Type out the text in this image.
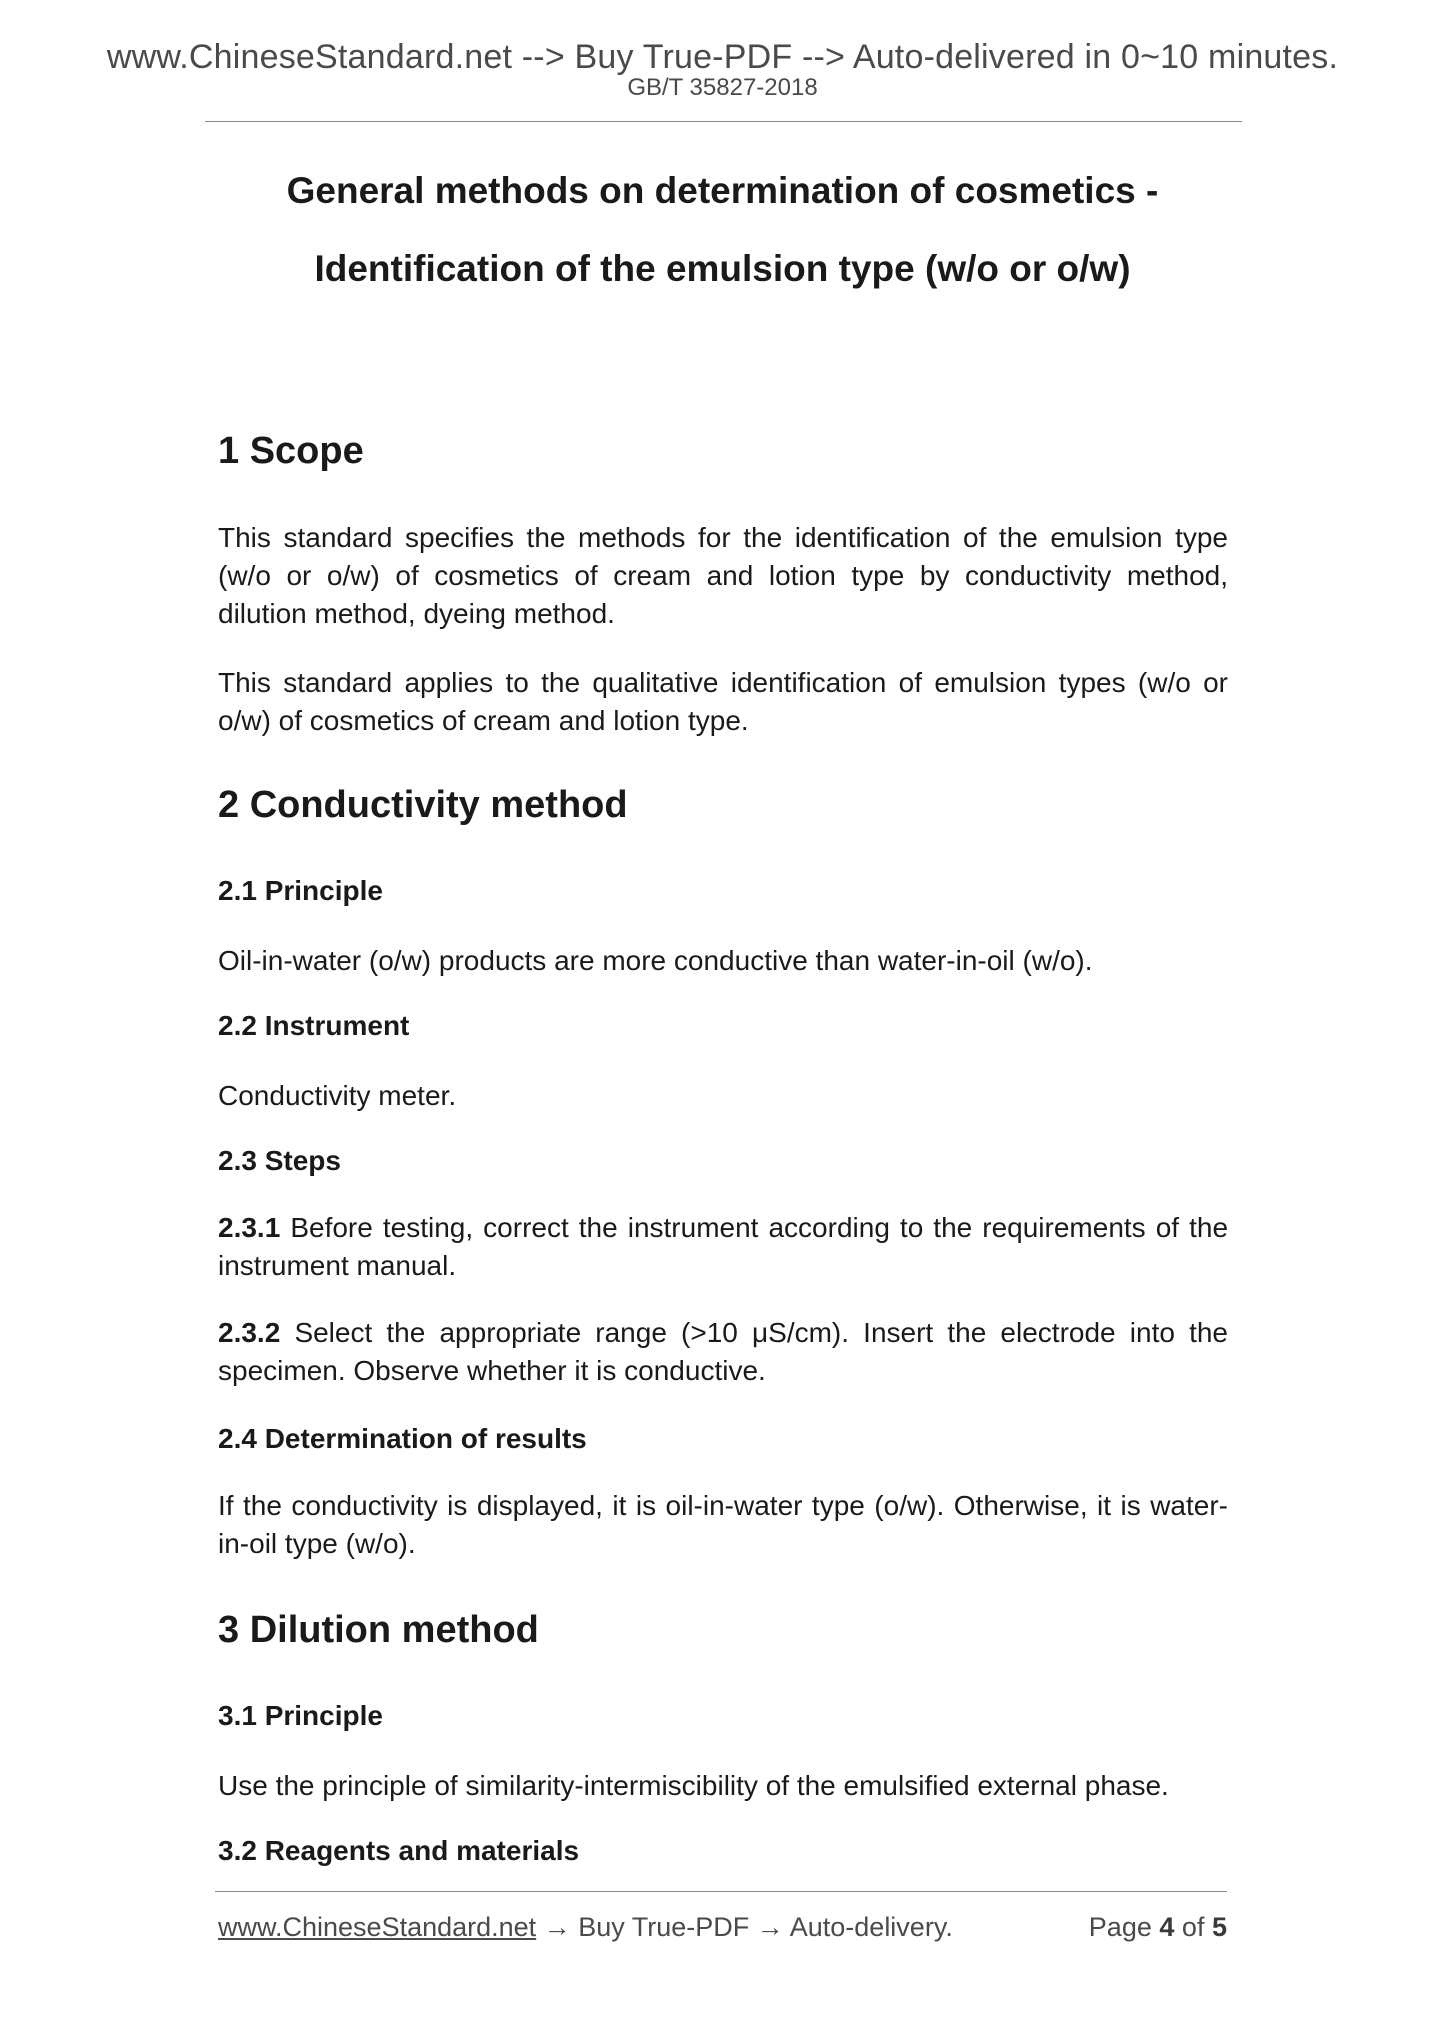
www.ChineseStandard.net --> Buy True-PDF --> Auto-delivered in 0~10 minutes.
GB/T 35827-2018
General methods on determination of cosmetics -
Identification of the emulsion type (w/o or o/w)
1 Scope

This standard specifies the methods for the identification of the emulsion type (w/o or o/w) of cosmetics of cream and lotion type by conductivity method, dilution method, dyeing method.

This standard applies to the qualitative identification of emulsion types (w/o or o/w) of cosmetics of cream and lotion type.

2 Conductivity method
2.1 Principle

Oil-in-water (o/w) products are more conductive than water-in-oil (w/o).

2.2 Instrument

Conductivity meter.

2.3 Steps

2.3.1 Before testing, correct the instrument according to the requirements of the instrument manual.

2.3.2 Select the appropriate range (>10 μS/cm). Insert the electrode into the specimen. Observe whether it is conductive.

2.4 Determination of results

If the conductivity is displayed, it is oil-in-water type (o/w). Otherwise, it is water-in-oil type (w/o).

3 Dilution method
3.1 Principle

Use the principle of similarity-intermiscibility of the emulsified external phase.

3.2 Reagents and materials
www.ChineseStandard.net → Buy True-PDF → Auto-delivery.	Page 4 of 5
